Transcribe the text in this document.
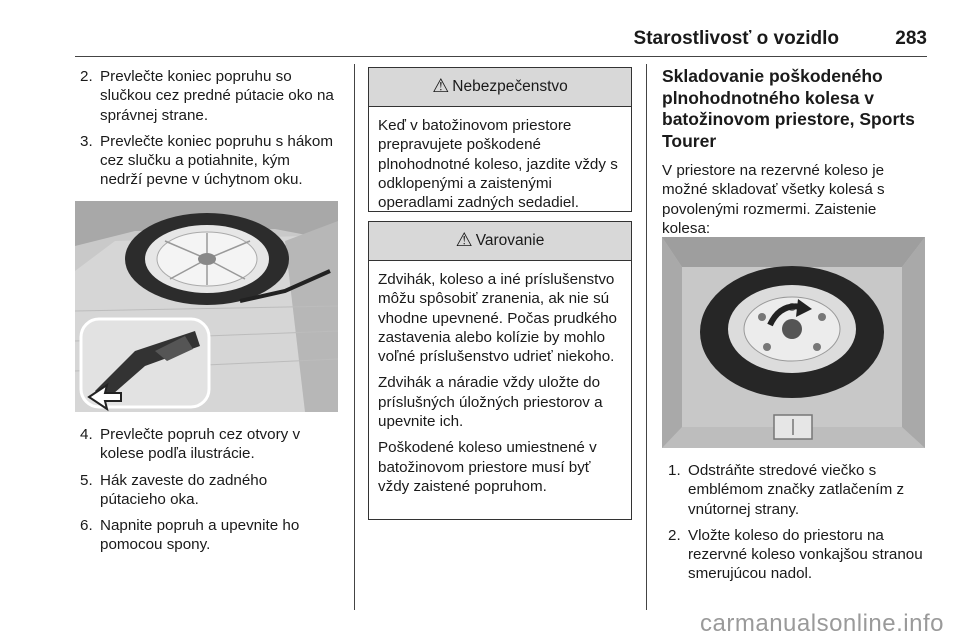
Starostlivosť o vozidlo	283
2. Prevlečte koniec popruhu so slučkou cez predné pútacie oko na správnej strane.
3. Prevlečte koniec popruhu s hákom cez slučku a potiahnite, kým nedrží pevne v úchytnom oku.
4. Prevlečte popruh cez otvory v kolese podľa ilustrácie.
5. Hák zaveste do zadného pútacieho oka.
6. Napnite popruh a upevnite ho pomocou spony.
⚠ Nebezpečenstvo

Keď v batožinovom priestore prepravujete poškodené plnohodnotné koleso, jazdite vždy s odklopenými a zaistenými operadlami zadných sedadiel.

⚠ Varovanie

Zdvihák, koleso a iné príslušenstvo môžu spôsobiť zranenia, ak nie sú vhodne upevnené. Počas prudkého zastavenia alebo kolízie by mohlo voľné príslušenstvo udrieť niekoho.

Zdvihák a náradie vždy uložte do príslušných úložných priestorov a upevnite ich.

Poškodené koleso umiestnené v batožinovom priestore musí byť vždy zaistené popruhom.

Skladovanie poškodeného plnohodnotného kolesa v batožinovom priestore, Sports Tourer
V priestore na rezervné koleso je možné skladovať všetky kolesá s povolenými rozmermi. Zaistenie kolesa:
1. Odstráňte stredové viečko s emblémom značky zatlačením z vnútornej strany.
2. Vložte koleso do priestoru na rezervné koleso vonkajšou stranou smerujúcou nadol.
carmanualsonline.info
